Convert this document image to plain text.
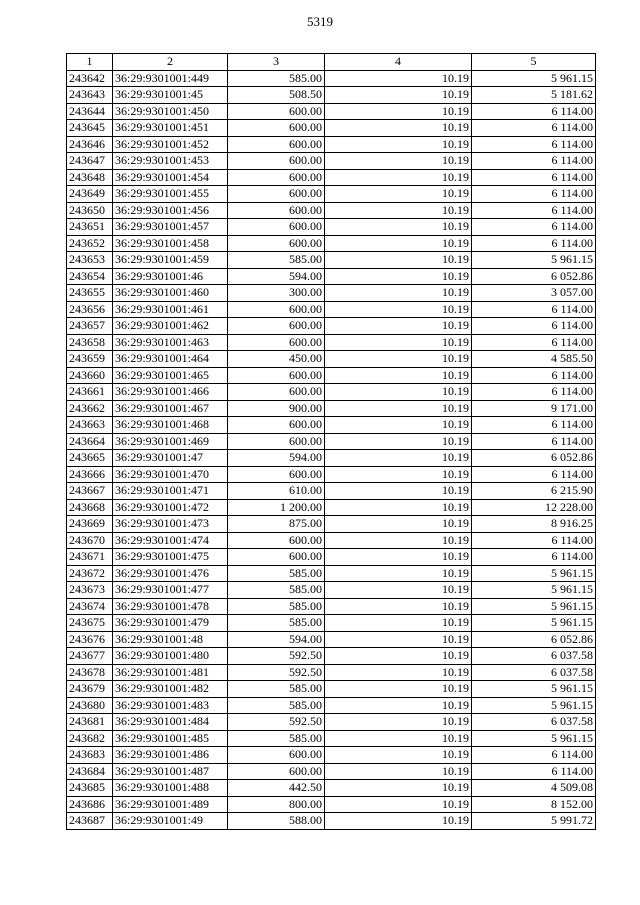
5319
1	2	3	4	5
243642	36:29:9301001:449	585.00	10.19	5 961.15
243643	36:29:9301001:45	508.50	10.19	5 181.62
243644	36:29:9301001:450	600.00	10.19	6 114.00
243645	36:29:9301001:451	600.00	10.19	6 114.00
243646	36:29:9301001:452	600.00	10.19	6 114.00
243647	36:29:9301001:453	600.00	10.19	6 114.00
243648	36:29:9301001:454	600.00	10.19	6 114.00
243649	36:29:9301001:455	600.00	10.19	6 114.00
243650	36:29:9301001:456	600.00	10.19	6 114.00
243651	36:29:9301001:457	600.00	10.19	6 114.00
243652	36:29:9301001:458	600.00	10.19	6 114.00
243653	36:29:9301001:459	585.00	10.19	5 961.15
243654	36:29:9301001:46	594.00	10.19	6 052.86
243655	36:29:9301001:460	300.00	10.19	3 057.00
243656	36:29:9301001:461	600.00	10.19	6 114.00
243657	36:29:9301001:462	600.00	10.19	6 114.00
243658	36:29:9301001:463	600.00	10.19	6 114.00
243659	36:29:9301001:464	450.00	10.19	4 585.50
243660	36:29:9301001:465	600.00	10.19	6 114.00
243661	36:29:9301001:466	600.00	10.19	6 114.00
243662	36:29:9301001:467	900.00	10.19	9 171.00
243663	36:29:9301001:468	600.00	10.19	6 114.00
243664	36:29:9301001:469	600.00	10.19	6 114.00
243665	36:29:9301001:47	594.00	10.19	6 052.86
243666	36:29:9301001:470	600.00	10.19	6 114.00
243667	36:29:9301001:471	610.00	10.19	6 215.90
243668	36:29:9301001:472	1 200.00	10.19	12 228.00
243669	36:29:9301001:473	875.00	10.19	8 916.25
243670	36:29:9301001:474	600.00	10.19	6 114.00
243671	36:29:9301001:475	600.00	10.19	6 114.00
243672	36:29:9301001:476	585.00	10.19	5 961.15
243673	36:29:9301001:477	585.00	10.19	5 961.15
243674	36:29:9301001:478	585.00	10.19	5 961.15
243675	36:29:9301001:479	585.00	10.19	5 961.15
243676	36:29:9301001:48	594.00	10.19	6 052.86
243677	36:29:9301001:480	592.50	10.19	6 037.58
243678	36:29:9301001:481	592.50	10.19	6 037.58
243679	36:29:9301001:482	585.00	10.19	5 961.15
243680	36:29:9301001:483	585.00	10.19	5 961.15
243681	36:29:9301001:484	592.50	10.19	6 037.58
243682	36:29:9301001:485	585.00	10.19	5 961.15
243683	36:29:9301001:486	600.00	10.19	6 114.00
243684	36:29:9301001:487	600.00	10.19	6 114.00
243685	36:29:9301001:488	442.50	10.19	4 509.08
243686	36:29:9301001:489	800.00	10.19	8 152.00
243687	36:29:9301001:49	588.00	10.19	5 991.72
